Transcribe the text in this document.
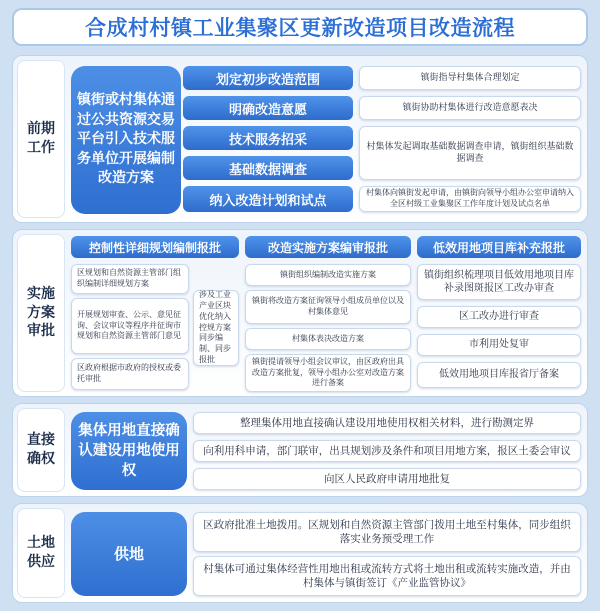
合成村村镇工业集聚区更新改造项目改造流程
前期工作
镇街或村集体通过公共资源交易平台引入技术服务单位开展编制改造方案
划定初步改造范围
明确改造意愿
技术服务招采
基础数据调查
纳入改造计划和试点
镇街指导村集体合理划定
镇街协助村集体进行改造意愿表决
村集体发起调取基础数据调查申请，镇街组织基础数据调查
村集体向镇街发起申请，由镇街向领导小组办公室申请纳入全区村级工业集聚区工作年度计划及试点名单
实施方案审批
控制性详细规划编制报批
区规划和自然资源主管部门组织编制详细规划方案
开展规划审查、公示、意见征询、会议审议等程序并征询市规划和自然资源主管部门意见
区政府根据市政府的授权或委托审批
涉及工业产业区块优化纳入控规方案同步编制、同步报批
改造实施方案编审报批
镇街组织编制改造实施方案
镇街将改造方案征询领导小组成员单位以及村集体意见
村集体表决改造方案
镇街提请领导小组会议审议，由区政府出具改造方案批复，领导小组办公室对改造方案进行备案
低效用地项目库补充报批
镇街组织梳理项目低效用地项目库补录图斑报区工改办审查
区工改办进行审查
市利用处复审
低效用地项目库报省厅备案
直接确权
集体用地直接确认建设用地使用权
整理集体用地直接确认建设用地使用权相关材料，进行勘测定界
向利用科申请，部门联审，出具规划涉及条件和项目用地方案，报区土委会审议
向区人民政府申请用地批复
土地供应	供地
区政府批准土地拨用。区规划和自然资源主管部门拨用土地至村集体，同步组织落实业务预受理工作
村集体可通过集体经营性用地出租或流转方式将土地出租或流转实施改造，并由村集体与镇街签订《产业监管协议》
